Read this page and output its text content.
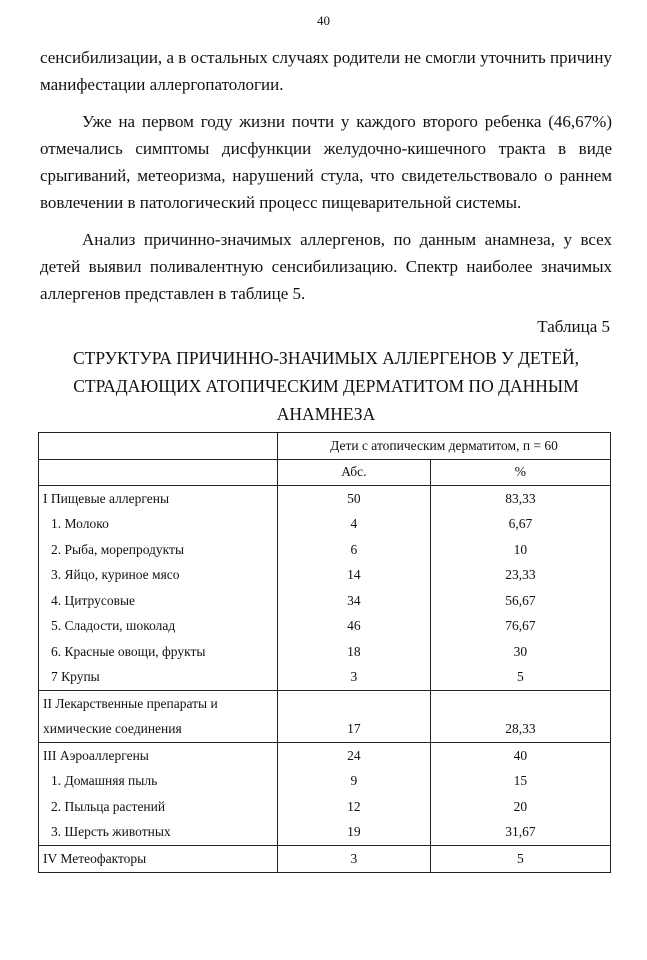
40

сенсибилизации, а в остальных случаях родители не смогли уточнить причину манифестации аллергопатологии.

Уже на первом году жизни почти у каждого второго ребенка (46,67%) отмечались симптомы дисфункции желудочно-кишечного тракта в виде срыгиваний, метеоризма, нарушений стула, что свидетельствовало о раннем вовлечении в патологический процесс пищеварительной системы.

Анализ причинно-значимых аллергенов, по данным анамнеза, у всех детей выявил поливалентную сенсибилизацию. Спектр наиболее значимых аллергенов представлен в таблице 5.

Таблица 5
СТРУКТУРА ПРИЧИННО-ЗНАЧИМЫХ АЛЛЕРГЕНОВ У ДЕТЕЙ,
СТРАДАЮЩИХ АТОПИЧЕСКИМ ДЕРМАТИТОМ ПО ДАННЫМ
АНАМНЕЗА
	Дети с атопическим дерматитом, п = 60	
	Абс.	%
I Пищевые аллергены	50	83,33
1. Молоко	4	6,67
2. Рыба, морепродукты	6	10
3. Яйцо, куриное мясо	14	23,33
4. Цитрусовые	34	56,67
5. Сладости, шоколад	46	76,67
6. Красные овощи, фрукты	18	30
7 Крупы	3	5
II Лекарственные препараты и		
химические соединения	17	28,33
III Аэроаллергены	24	40
1. Домашняя пыль	9	15
2. Пыльца растений	12	20
3. Шерсть животных	19	31,67
IV Метеофакторы	3	5
